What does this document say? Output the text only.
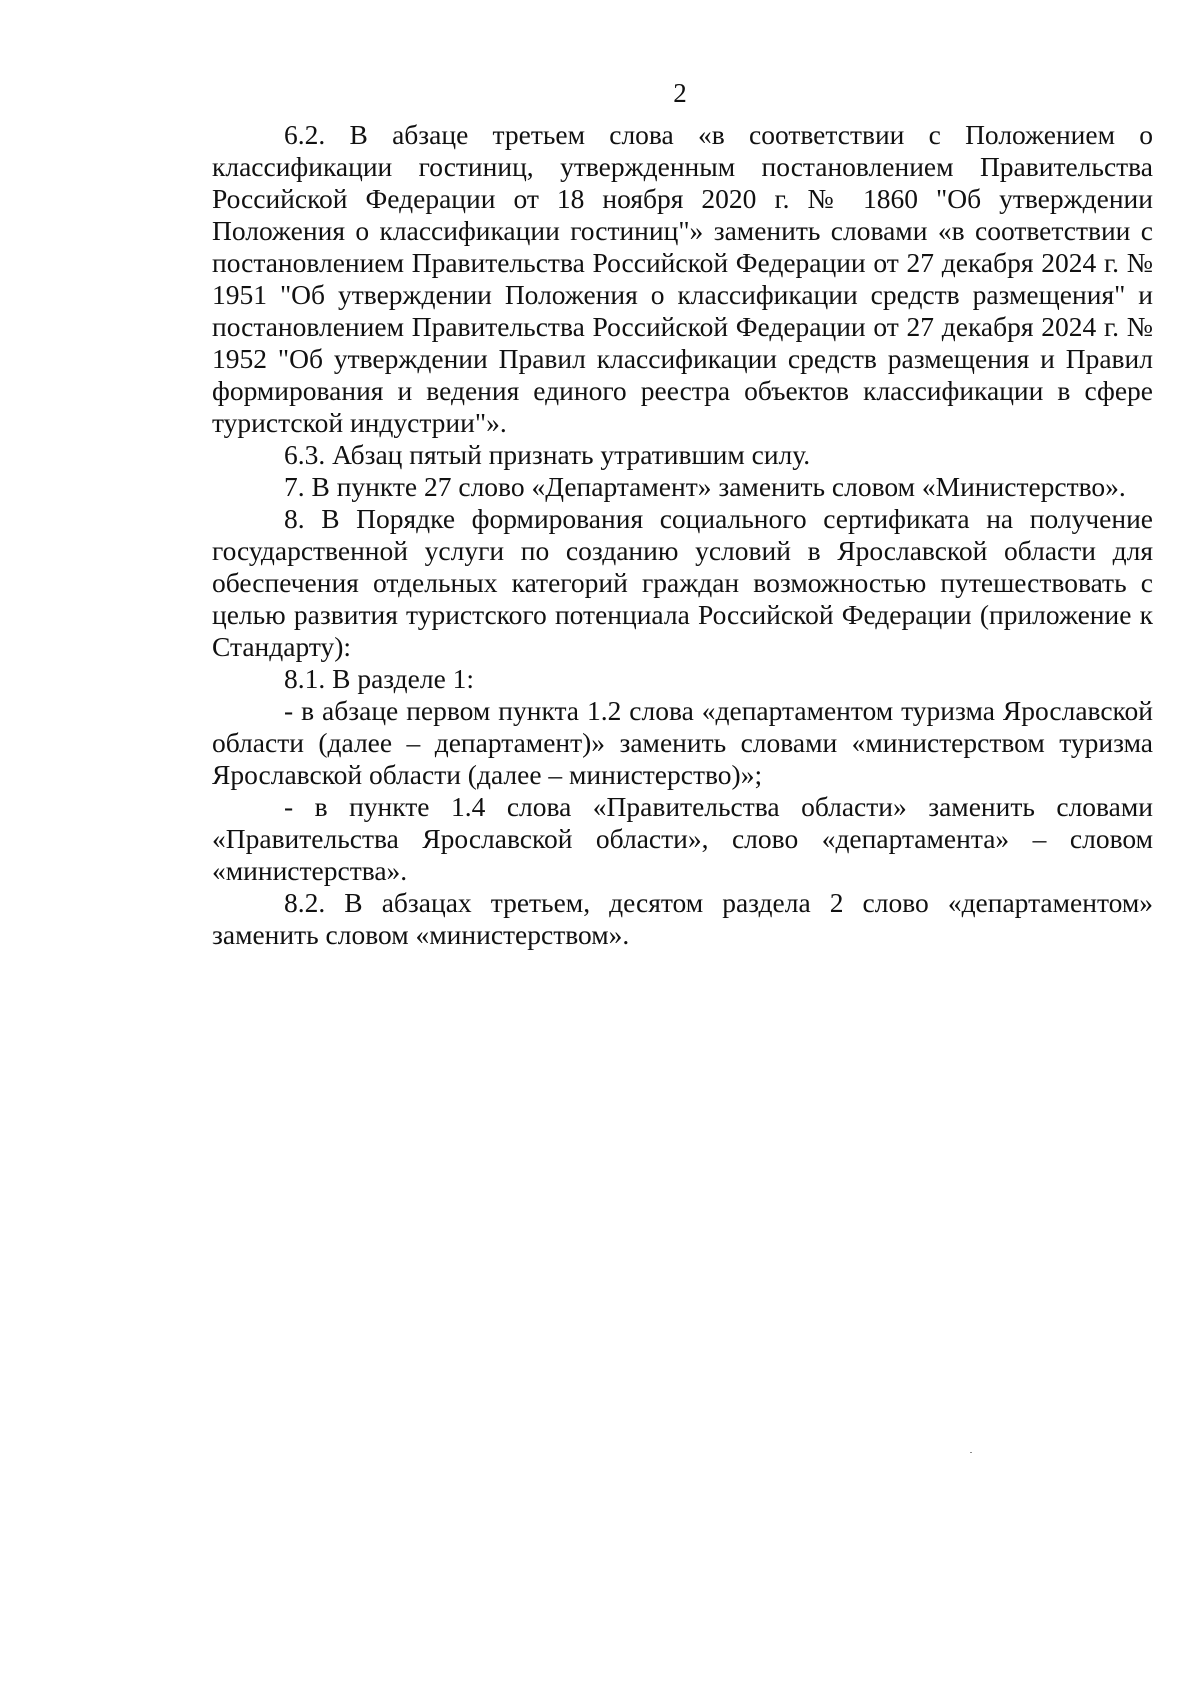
2

6.2. В абзаце третьем слова «в соответствии с Положением о классификации гостиниц, утвержденным постановлением Правительства Российской Федерации от 18 ноября 2020 г. № 1860 "Об утверждении Положения о классификации гостиниц"» заменить словами «в соответствии с постановлением Правительства Российской Федерации от 27 декабря 2024 г. № 1951 "Об утверждении Положения о классификации средств размещения" и постановлением Правительства Российской Федерации от 27 декабря 2024 г. № 1952 "Об утверждении Правил классификации средств размещения и Правил формирования и ведения единого реестра объектов классификации в сфере туристской индустрии"».

6.3. Абзац пятый признать утратившим силу.

7. В пункте 27 слово «Департамент» заменить словом «Министерство».

8. В Порядке формирования социального сертификата на получение государственной услуги по созданию условий в Ярославской области для обеспечения отдельных категорий граждан возможностью путешествовать с целью развития туристского потенциала Российской Федерации (приложение к Стандарту):

8.1. В разделе 1:

- в абзаце первом пункта 1.2 слова «департаментом туризма Ярославской области (далее – департамент)» заменить словами «министерством туризма Ярославской области (далее – министерство)»;

- в пункте 1.4 слова «Правительства области» заменить словами «Правительства Ярославской области», слово «департамента» – словом «министерства».

8.2. В абзацах третьем, десятом раздела 2 слово «департаментом» заменить словом «министерством».
